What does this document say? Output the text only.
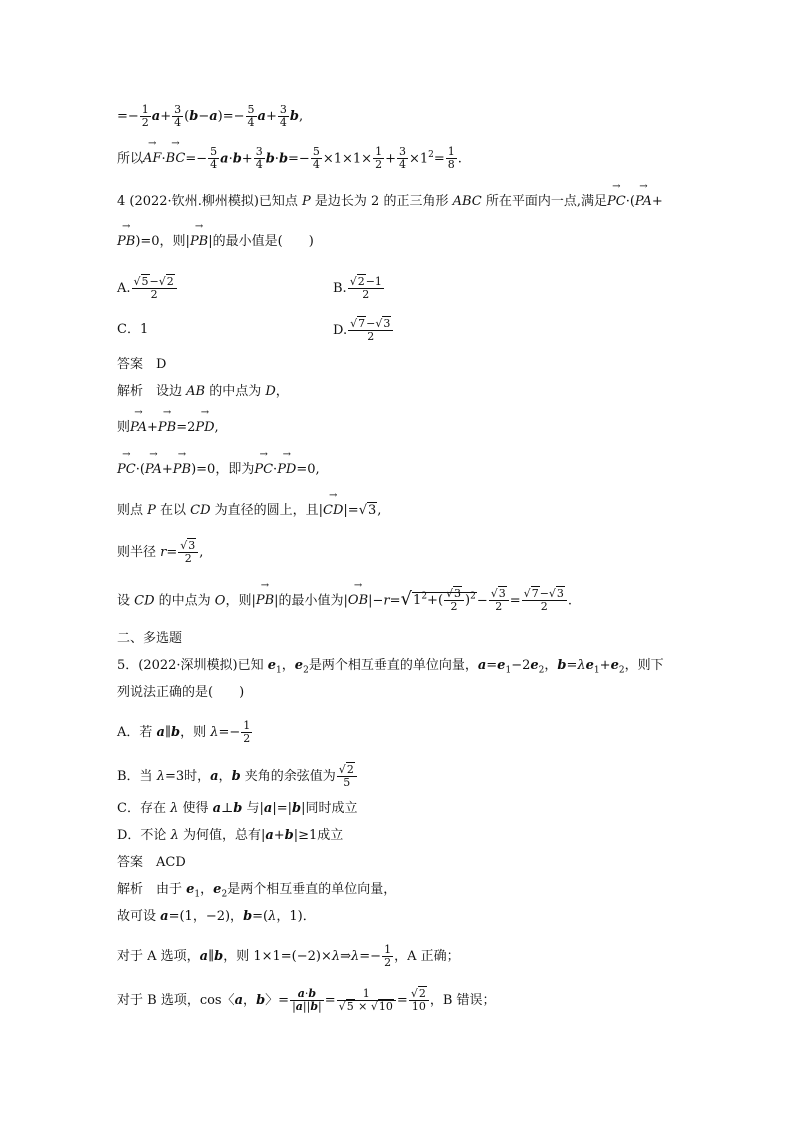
=− $\frac{1}{2} a+ \frac{3}{4} (b-a)=- \frac{5}{4} a+ \frac{3}{4} b$,
所以→ $AF\cdot\to BC=- \frac{5}{4} a\cdot b+ \frac{3}{4} b\cdot b=- \frac{5}{4} \times 1\times 1\times \frac{1}{2} + \frac{3}{4} \times 1^2= \frac{1}{8}$ .
4 (2022·钦州.柳州模拟)已知点 P 是边长为 2 的正三角形 ABC 所在平面内一点,满足→ PC·(→ PA+
→ PB)=0，则|→ PB|的最小值是(　　)
A. $\frac{√5-√2}{2}$	B. $\frac{√2-1}{2}$
C．1	D. $\frac{√7-√3}{2}$
答案　D
解析　设边 AB 的中点为 D，
则→ PA+→ PB=2→ PD,
→ PC·(→ PA+→ PB)=0，即为→ PC·→ PD=0,
则点 P 在以 CD 为直径的圆上，且|→ CD|=√3,
则半径 $r= \frac{√3}{2}$ ,
设 CD 的中点为 O，则|→ PB|的最小值为|→ $OB|-r=√1^2+( \frac{√3}{2} )^2- \frac{√3}{2} = \frac{√7-√3}{2}$ .
二、多选题
5．(2022·深圳模拟)已知 $e_1$，$e_2$是两个相互垂直的单位向量，$a=e_1-2e_2$，$b=\lambda e_1+e_2$，则下
列说法正确的是(　　)
A．若 a∥b，则 $\lambda=- \frac{1}{2}$
B．当 λ=3时，a，b 夹角的余弦值为 $\frac{√2}{5}$
C．存在 λ 使得 a⊥b 与|a|=|b|同时成立
D．不论 λ 为何值，总有|a+b|≥1成立
答案　ACD
解析　由于 $e_1$，$e_2$是两个相互垂直的单位向量，
故可设 a=(1，−2)，b=(λ，1)．
对于 A 选项，a∥b，则 1×1=(−2)×λ⇒λ=− $\frac{1}{2}$ ，A 正确；
对于 B 选项，cos〈a，b〉= $\frac{a\cdot b}{|a||b|} = \frac{1}{√5 \times √10} = \frac{√2}{10}$ ，B 错误；
